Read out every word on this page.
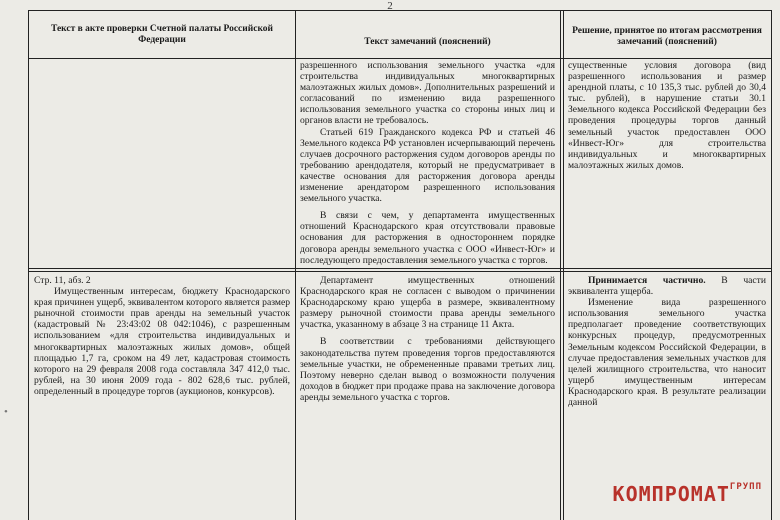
2
Текст в акте проверки Счетной палаты Российской Федерации	Текст замечаний (пояснений)
Решение, принятое по итогам рассмотрения замечаний (пояснений)

разрешенного использования земельного участка «для строительства индивидуальных многоквартирных малоэтажных жилых домов». Дополнительных разрешений и согласований по изменению вида разрешенного использования земельного участка со стороны иных лиц и органов власти не требовалось.

Статьей 619 Гражданского кодекса РФ и статьей 46 Земельного кодекса РФ установлен исчерпывающий перечень случаев досрочного расторжения судом договоров аренды по требованию арендодателя, который не предусматривает в качестве основания для расторжения договора аренды изменение арендатором разрешенного использования земельного участка.

В связи с чем, у департамента имущественных отношений Краснодарского края отсутствовали правовые основания для расторжения в одностороннем порядке договора аренды земельного участка с ООО «Инвест-Юг» и последующего предоставления земельного участка с торгов.

существенные условия договора (вид разрешенного использования и размер арендной платы, с 10 135,3 тыс. рублей до 30,4 тыс. рублей), в нарушение статьи 30.1 Земельного кодекса Российской Федерации без проведения процедуры торгов данный земельный участок предоставлен ООО «Инвест-Юг» для строительства индивидуальных и многоквартирных малоэтажных жилых домов.

Стр. 11, абз. 2

Имущественным интересам, бюджету Краснодарского края причинен ущерб, эквивалентом которого является размер рыночной стоимости прав аренды на земельный участок (кадастровый № 23:43:02 08 042:1046), с разрешенным использованием «для строительства индивидуальных и многоквартирных малоэтажных жилых домов», общей площадью 1,7 га, сроком на 49 лет, кадастровая стоимость которого на 29 февраля 2008 года составляла 347 412,0 тыс. рублей, на 30 июня 2009 года - 802 628,6 тыс. рублей, определенный в процедуре торгов (аукционов, конкурсов).

Департамент имущественных отношений Краснодарского края не согласен с выводом о причинении Краснодарскому краю ущерба в размере, эквивалентному размеру рыночной стоимости права аренды земельного участка, указанному в абзаце 3 на странице 11 Акта.

В соответствии с требованиями действующего законодательства путем проведения торгов предоставляются земельные участки, не обремененные правами третьих лиц. Поэтому неверно сделан вывод о возможности получения доходов в бюджет при продаже права на заключение договора аренды земельного участка с торгов.

Принимается частично. В части эквивалента ущерба.

Изменение вида разрешенного использования земельного участка предполагает проведение соответствующих конкурсных процедур, предусмотренных Земельным кодексом Российской Федерации, в случае предоставления земельных участков для целей жилищного строительства, что наносит ущерб имущественным интересам Краснодарского края. В результате реализации данной

•
$КОМПРОМАТ^{ГРУПП}$
